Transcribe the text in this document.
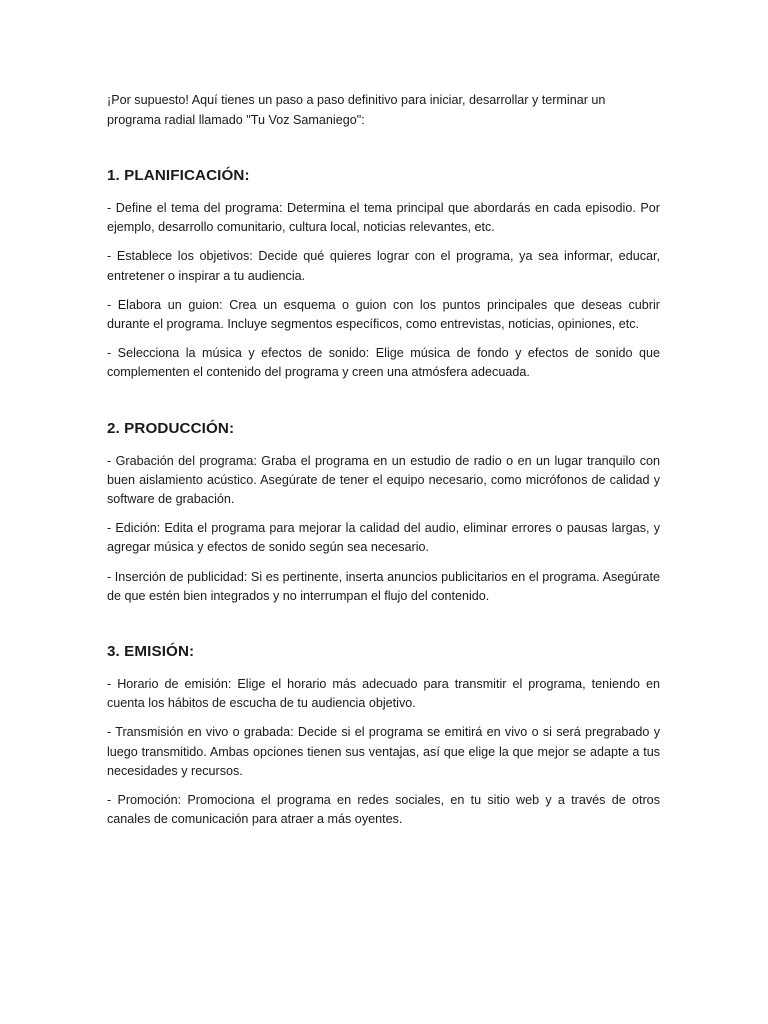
¡Por supuesto! Aquí tienes un paso a paso definitivo para iniciar, desarrollar y terminar un programa radial llamado "Tu Voz Samaniego":

1. PLANIFICACIÓN:

- Define el tema del programa: Determina el tema principal que abordarás en cada episodio. Por ejemplo, desarrollo comunitario, cultura local, noticias relevantes, etc.

- Establece los objetivos: Decide qué quieres lograr con el programa, ya sea informar, educar, entretener o inspirar a tu audiencia.

- Elabora un guion: Crea un esquema o guion con los puntos principales que deseas cubrir durante el programa. Incluye segmentos específicos, como entrevistas, noticias, opiniones, etc.

- Selecciona la música y efectos de sonido: Elige música de fondo y efectos de sonido que complementen el contenido del programa y creen una atmósfera adecuada.

2. PRODUCCIÓN:

- Grabación del programa: Graba el programa en un estudio de radio o en un lugar tranquilo con buen aislamiento acústico. Asegúrate de tener el equipo necesario, como micrófonos de calidad y software de grabación.

- Edición: Edita el programa para mejorar la calidad del audio, eliminar errores o pausas largas, y agregar música y efectos de sonido según sea necesario.

- Inserción de publicidad: Si es pertinente, inserta anuncios publicitarios en el programa. Asegúrate de que estén bien integrados y no interrumpan el flujo del contenido.

3. EMISIÓN:

- Horario de emisión: Elige el horario más adecuado para transmitir el programa, teniendo en cuenta los hábitos de escucha de tu audiencia objetivo.

- Transmisión en vivo o grabada: Decide si el programa se emitirá en vivo o si será pregrabado y luego transmitido. Ambas opciones tienen sus ventajas, así que elige la que mejor se adapte a tus necesidades y recursos.

- Promoción: Promociona el programa en redes sociales, en tu sitio web y a través de otros canales de comunicación para atraer a más oyentes.
